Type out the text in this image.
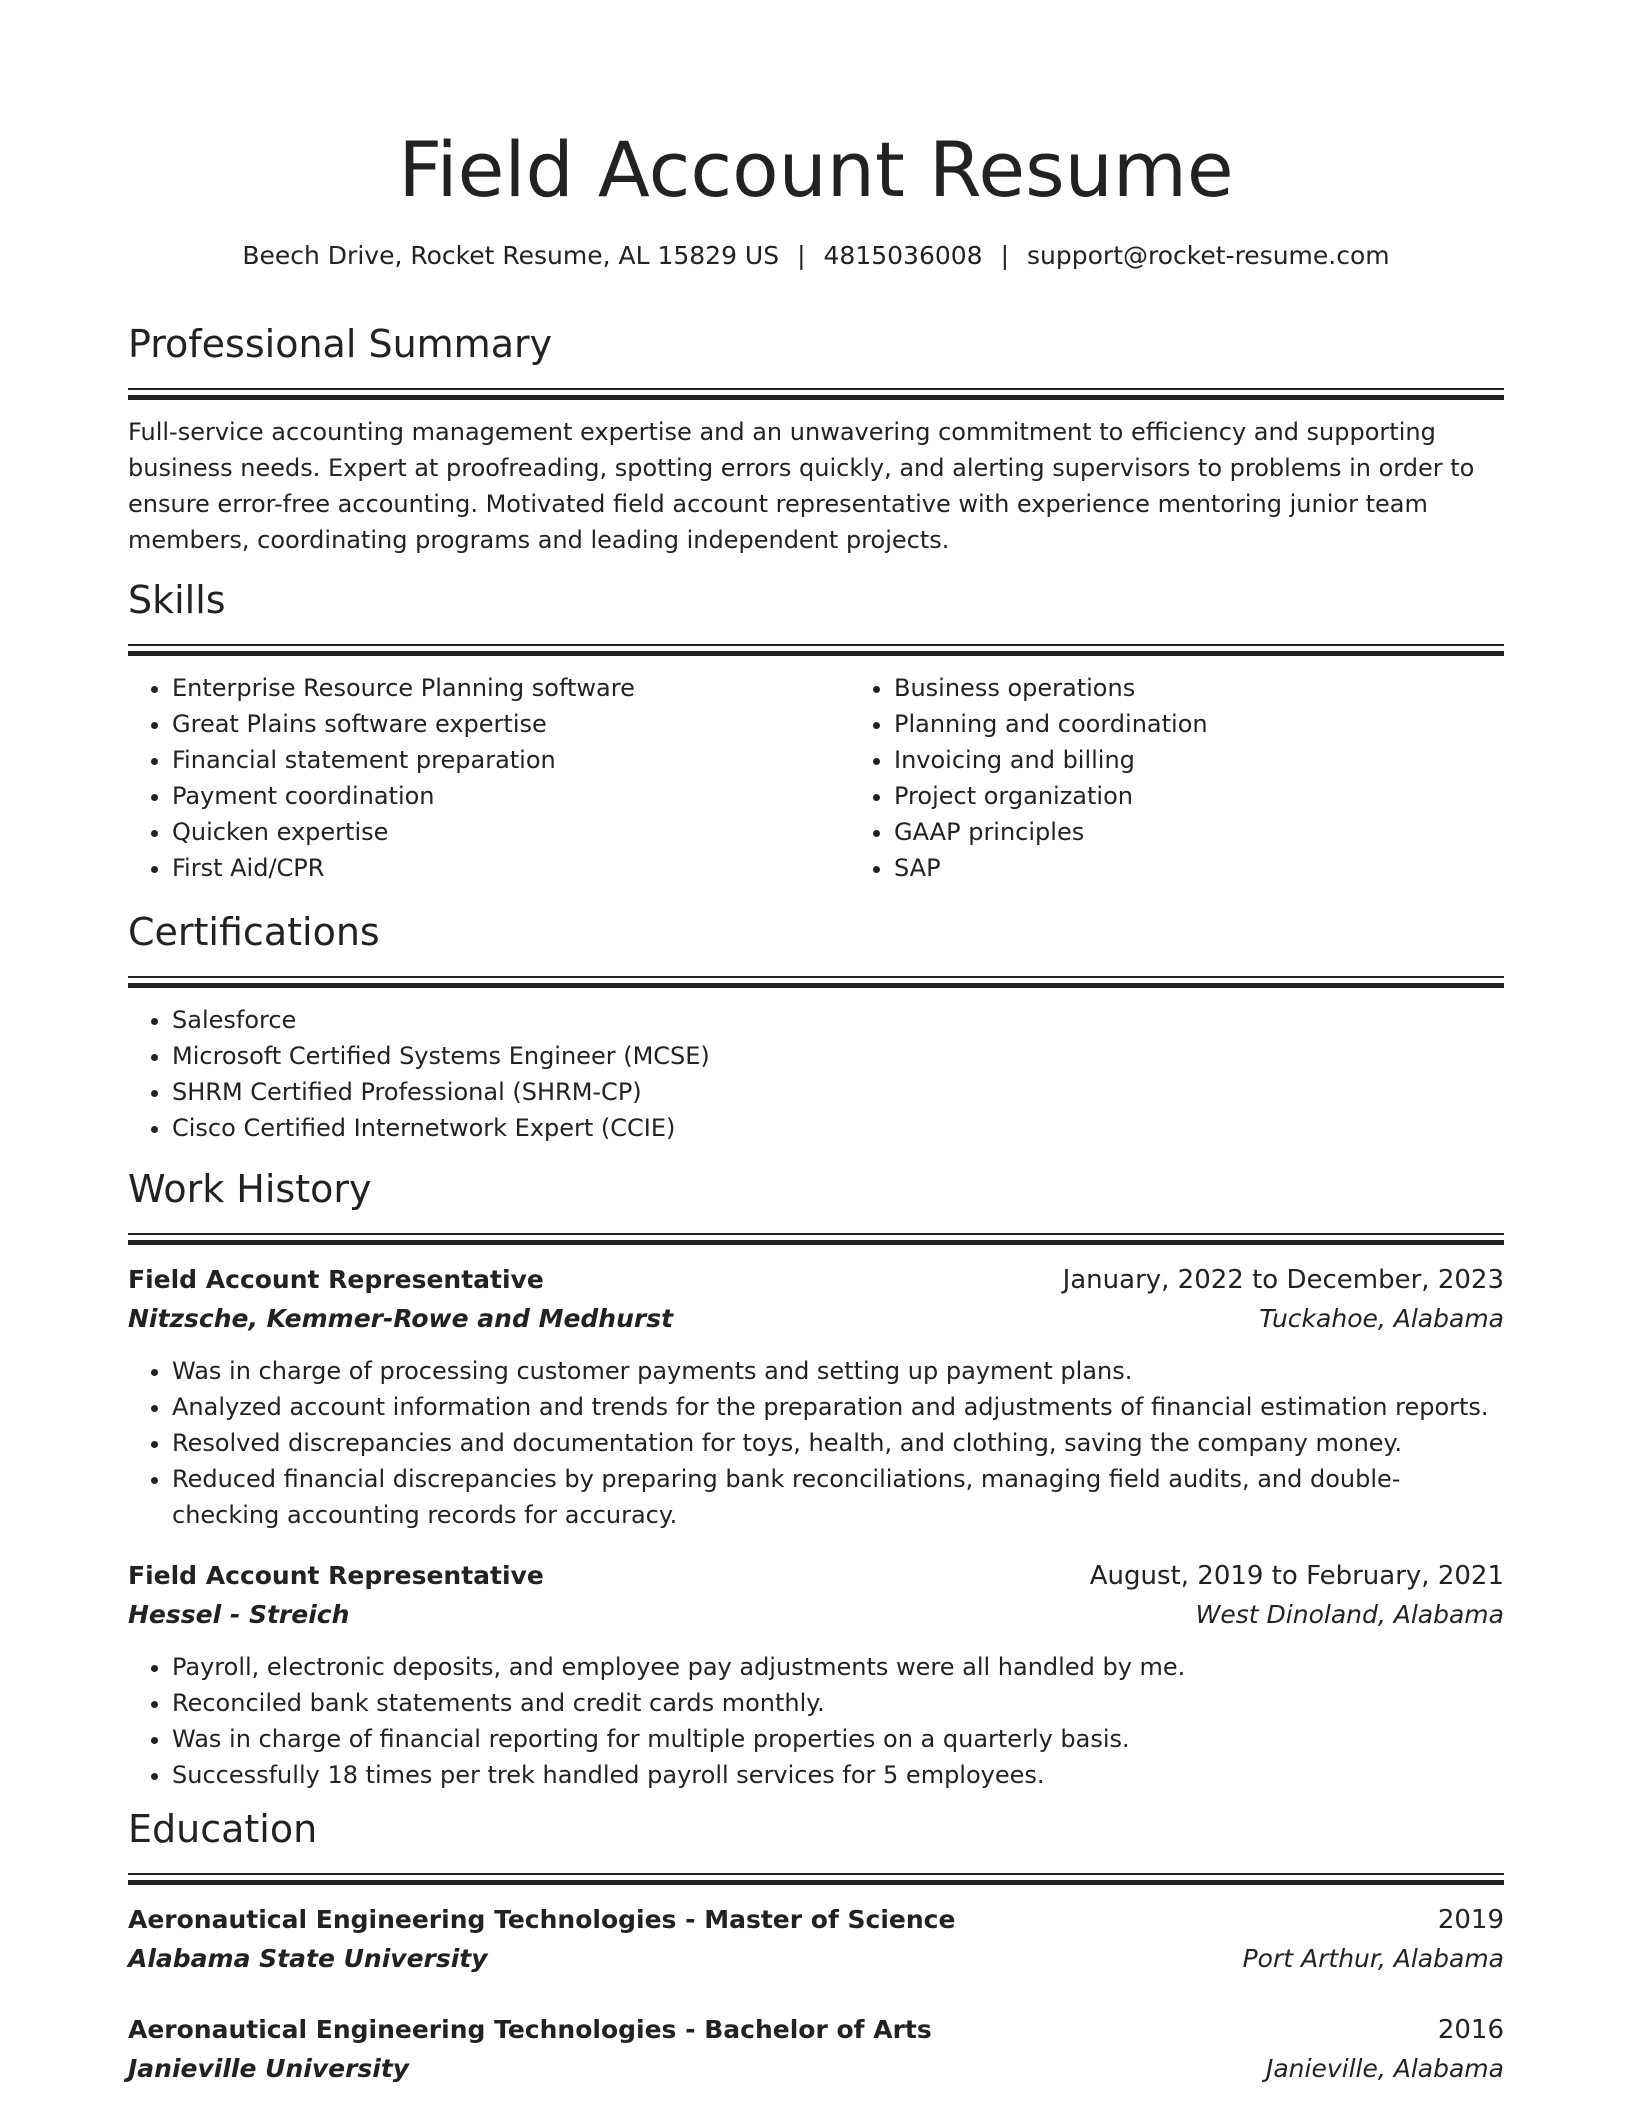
Field Account Resume
Beech Drive, Rocket Resume, AL 15829 US | 4815036008 | support@rocket-resume.com
Professional Summary

Full-service accounting management expertise and an unwavering commitment to efficiency and supporting business needs. Expert at proofreading, spotting errors quickly, and alerting supervisors to problems in order to ensure error-free accounting. Motivated field account representative with experience mentoring junior team members, coordinating programs and leading independent projects.

Skills
• Enterprise Resource Planning software
• Great Plains software expertise
• Financial statement preparation
• Payment coordination
• Quicken expertise
• First Aid/CPR
• Business operations
• Planning and coordination
• Invoicing and billing
• Project organization
• GAAP principles
• SAP
Certifications
• Salesforce
• Microsoft Certified Systems Engineer (MCSE)
• SHRM Certified Professional (SHRM-CP)
• Cisco Certified Internetwork Expert (CCIE)
Work History
Field Account Representative	January, 2022 to December, 2023
Nitzsche, Kemmer-Rowe and Medhurst	Tuckahoe, Alabama
• Was in charge of processing customer payments and setting up payment plans.
• Analyzed account information and trends for the preparation and adjustments of financial estimation reports.
• Resolved discrepancies and documentation for toys, health, and clothing, saving the company money.
• Reduced financial discrepancies by preparing bank reconciliations, managing field audits, and double-checking accounting records for accuracy.
Field Account Representative	August, 2019 to February, 2021
Hessel - Streich	West Dinoland, Alabama
• Payroll, electronic deposits, and employee pay adjustments were all handled by me.
• Reconciled bank statements and credit cards monthly.
• Was in charge of financial reporting for multiple properties on a quarterly basis.
• Successfully 18 times per trek handled payroll services for 5 employees.
Education
Aeronautical Engineering Technologies - Master of Science	2019
Alabama State University	Port Arthur, Alabama
Aeronautical Engineering Technologies - Bachelor of Arts	2016
Janieville University	Janieville, Alabama
